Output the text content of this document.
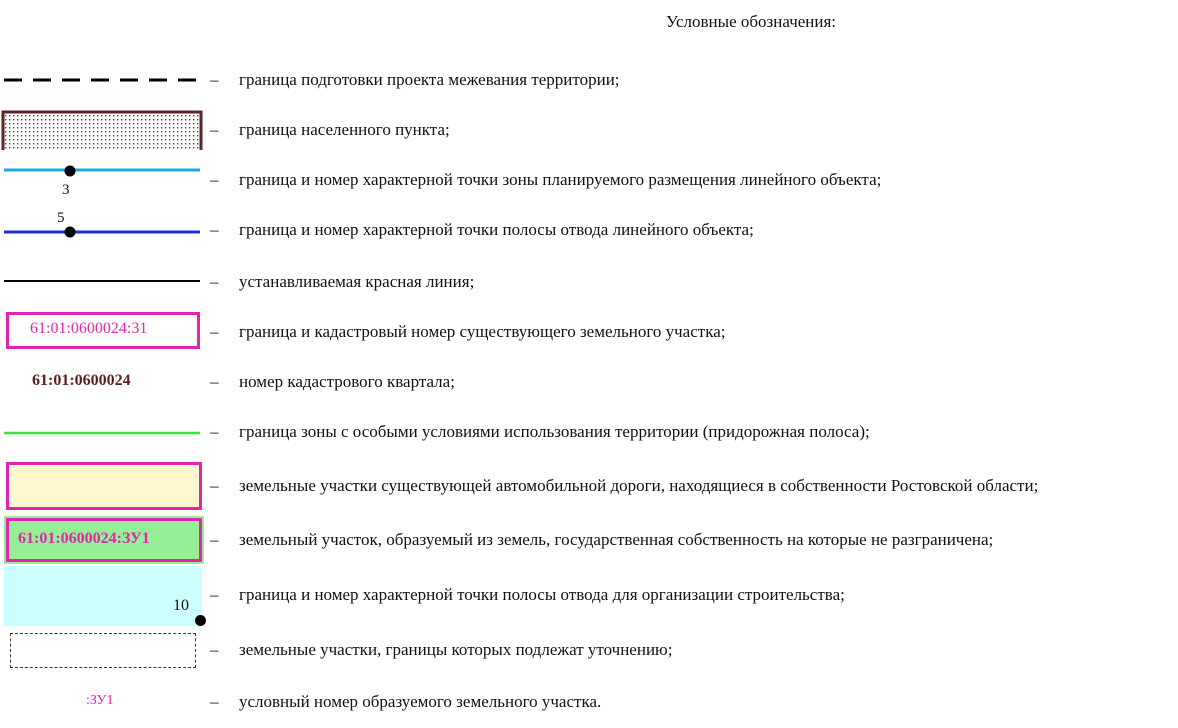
Условные обозначения:
–	граница подготовки проекта межевания территории;
–	граница населенного пункта;
3
–	граница и номер характерной точки зоны планируемого размещения линейного объекта;
5
–	граница и номер характерной точки полосы отвода линейного объекта;
–	устанавливаемая красная линия;
61:01:0600024:31	–	граница и кадастровый номер существующего земельного участка;
61:01:0600024	–	номер кадастрового квартала;
–	граница зоны с особыми условиями использования территории (придорожная полоса);
–	земельные участки существующей автомобильной дороги, находящиеся в собственности Ростовской области;
61:01:0600024:ЗУ1	–	земельный участок, образуемый из земель, государственная собственность на которые не разграничена;
10
–	граница и номер характерной точки полосы отвода для организации строительства;
–	земельные участки, границы которых подлежат уточнению;
:ЗУ1	–	условный номер образуемого земельного участка.
